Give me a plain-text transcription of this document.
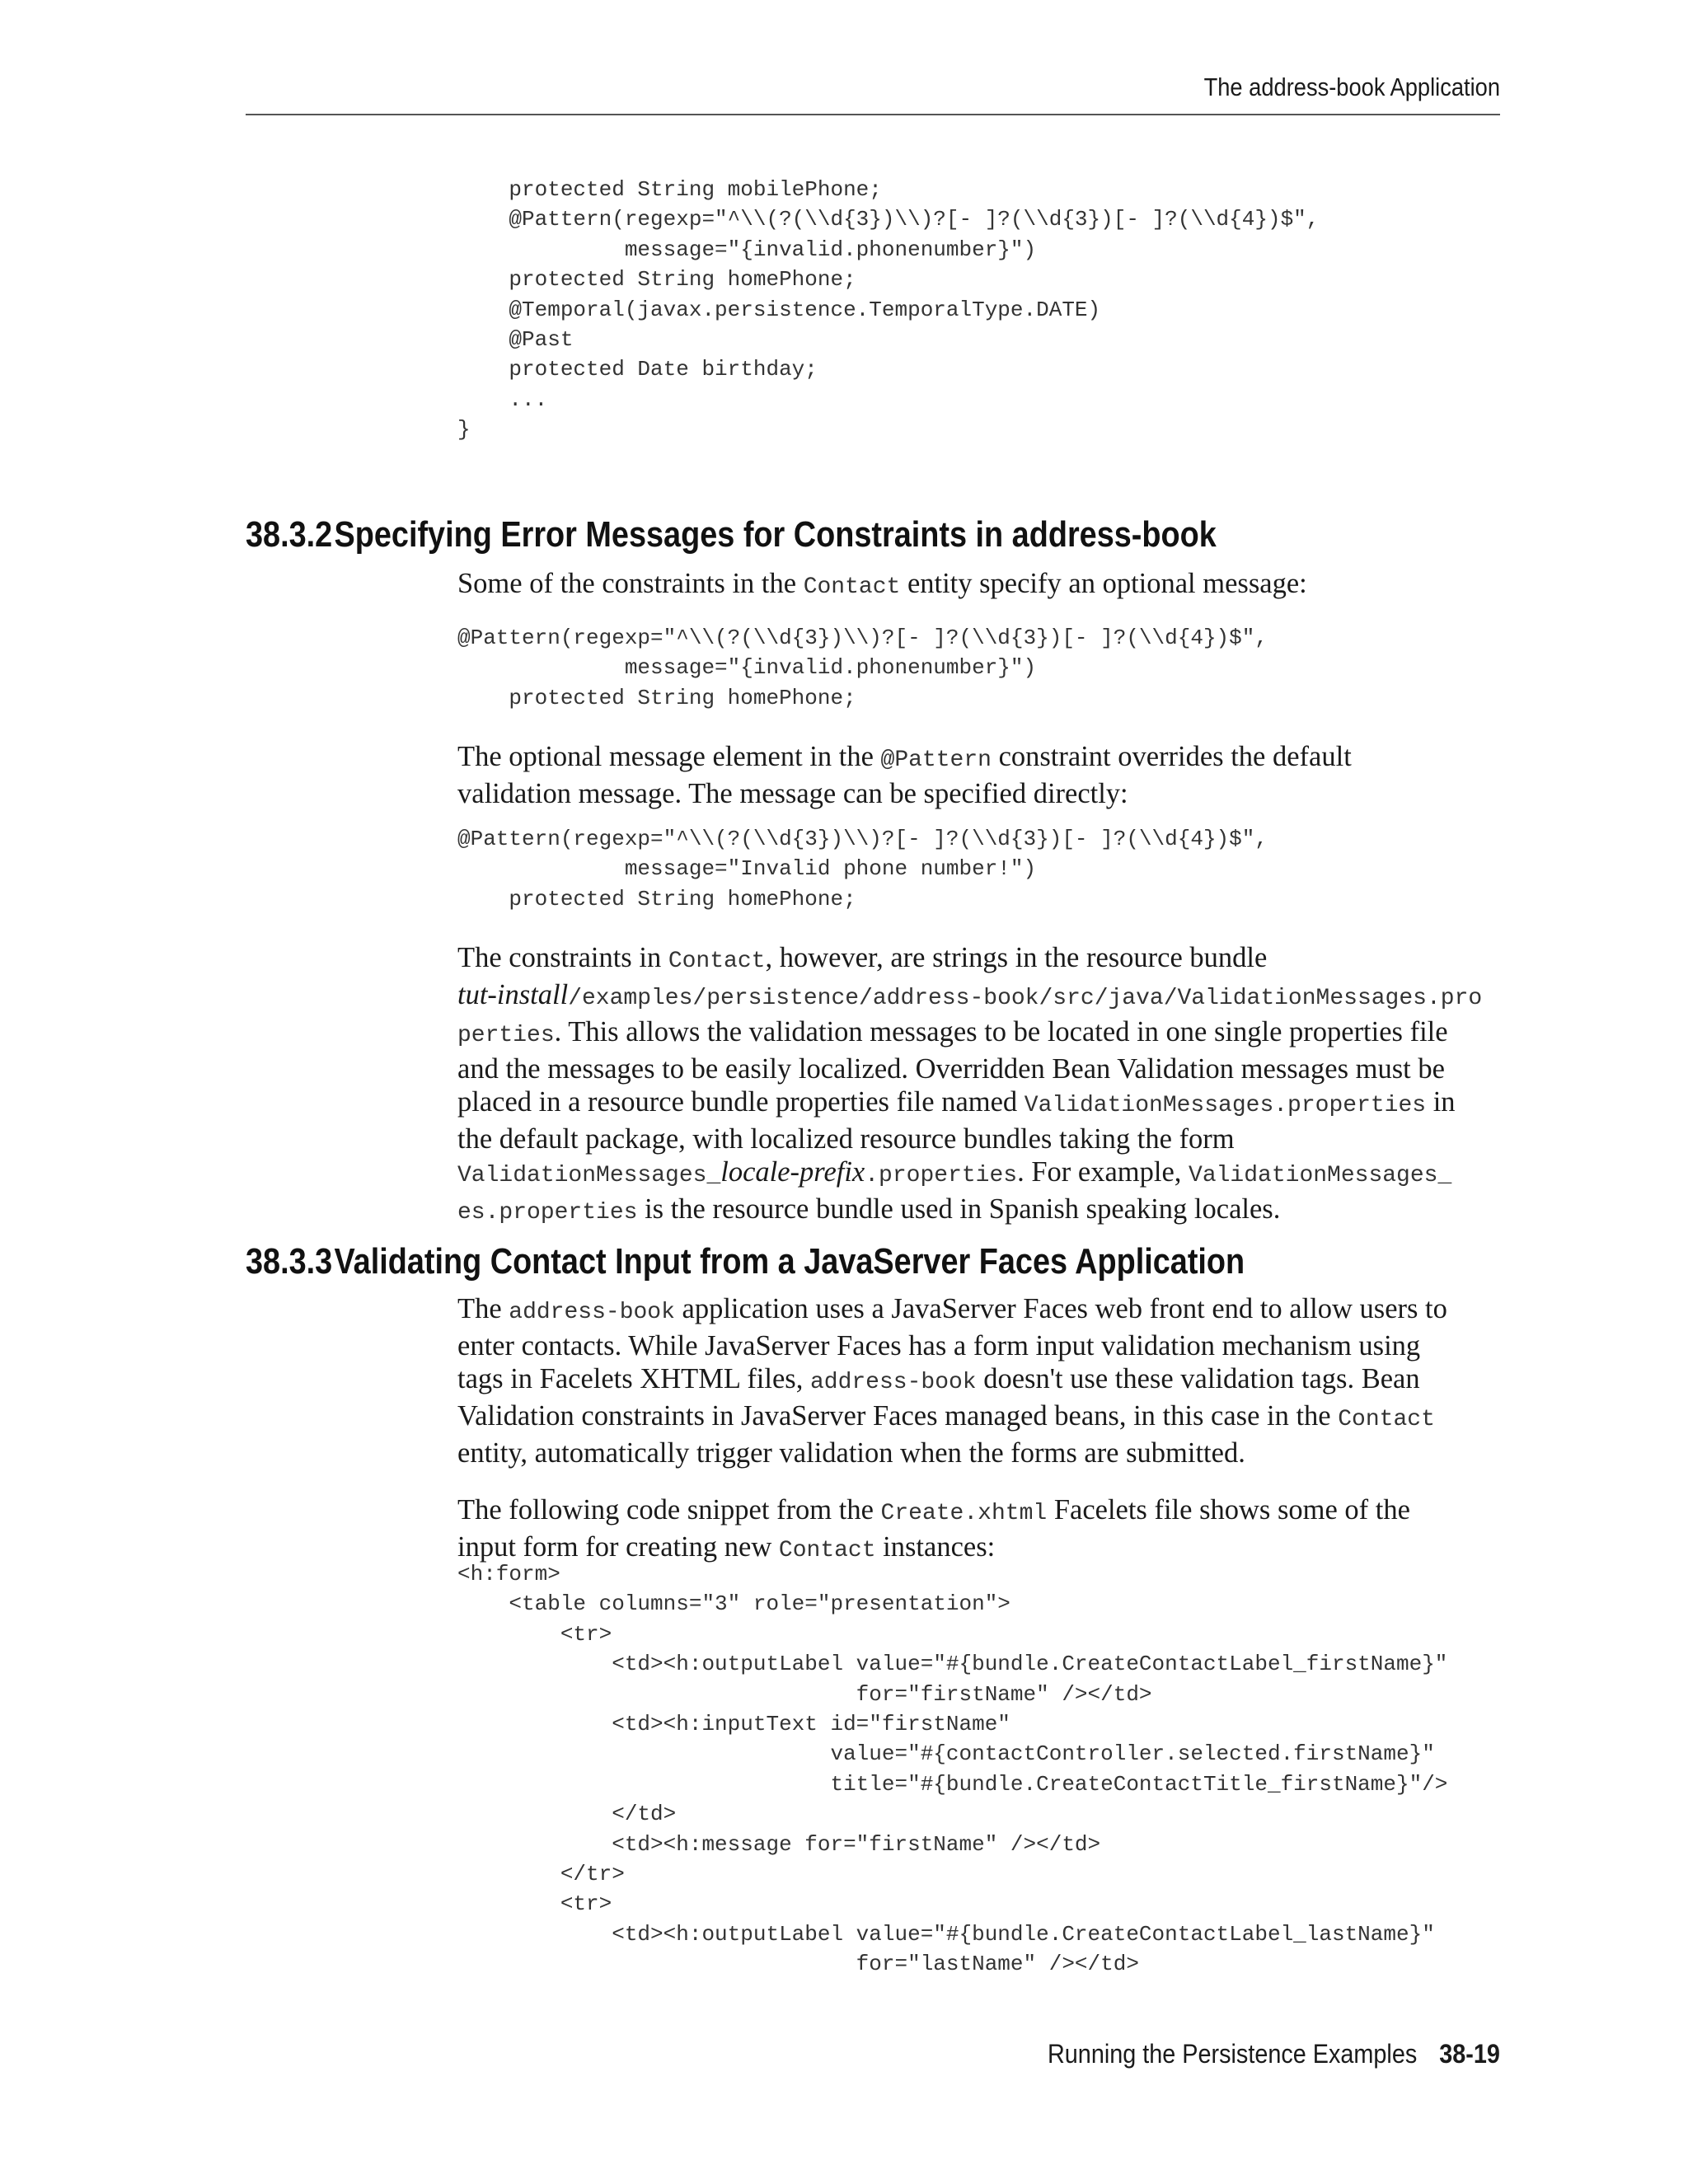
The address-book Application
protected String mobilePhone;
@Pattern(regexp="^\\(?(\\d{3})\\)?[- ]?(\\d{3})[- ]?(\\d{4})$",
message="{invalid.phonenumber}")
protected String homePhone;
@Temporal(javax.persistence.TemporalType.DATE)
@Past
protected Date birthday;
...
}
38.3.2Specifying Error Messages for Constraints in address-book

Some of the constraints in the Contact entity specify an optional message:

@Pattern(regexp="^\\(?(\\d{3})\\)?[- ]?(\\d{3})[- ]?(\\d{4})$",
message="{invalid.phonenumber}")
protected String homePhone;

The optional message element in the @Pattern constraint overrides the default
validation message. The message can be specified directly:

@Pattern(regexp="^\\(?(\\d{3})\\)?[- ]?(\\d{3})[- ]?(\\d{4})$",
message="Invalid phone number!")
protected String homePhone;

The constraints in Contact, however, are strings in the resource bundle
tut-install/examples/persistence/address-book/src/java/ValidationMessages.pro
perties. This allows the validation messages to be located in one single properties file
and the messages to be easily localized. Overridden Bean Validation messages must be
placed in a resource bundle properties file named ValidationMessages.properties in
the default package, with localized resource bundles taking the form
ValidationMessages_locale-prefix.properties. For example, ValidationMessages_
es.properties is the resource bundle used in Spanish speaking locales.

38.3.3Validating Contact Input from a JavaServer Faces Application

The address-book application uses a JavaServer Faces web front end to allow users to
enter contacts. While JavaServer Faces has a form input validation mechanism using
tags in Facelets XHTML files, address-book doesn't use these validation tags. Bean
Validation constraints in JavaServer Faces managed beans, in this case in the Contact
entity, automatically trigger validation when the forms are submitted.

The following code snippet from the Create.xhtml Facelets file shows some of the
input form for creating new Contact instances:

<h:form>
<table columns="3" role="presentation">
<tr>
<td><h:outputLabel value="#{bundle.CreateContactLabel_firstName}"
for="firstName" /></td>
<td><h:inputText id="firstName"
value="#{contactController.selected.firstName}"
title="#{bundle.CreateContactTitle_firstName}"/>
</td>
<td><h:message for="firstName" /></td>
</tr>
<tr>
<td><h:outputLabel value="#{bundle.CreateContactLabel_lastName}"
for="lastName" /></td>
Running the Persistence Examples 38-19
